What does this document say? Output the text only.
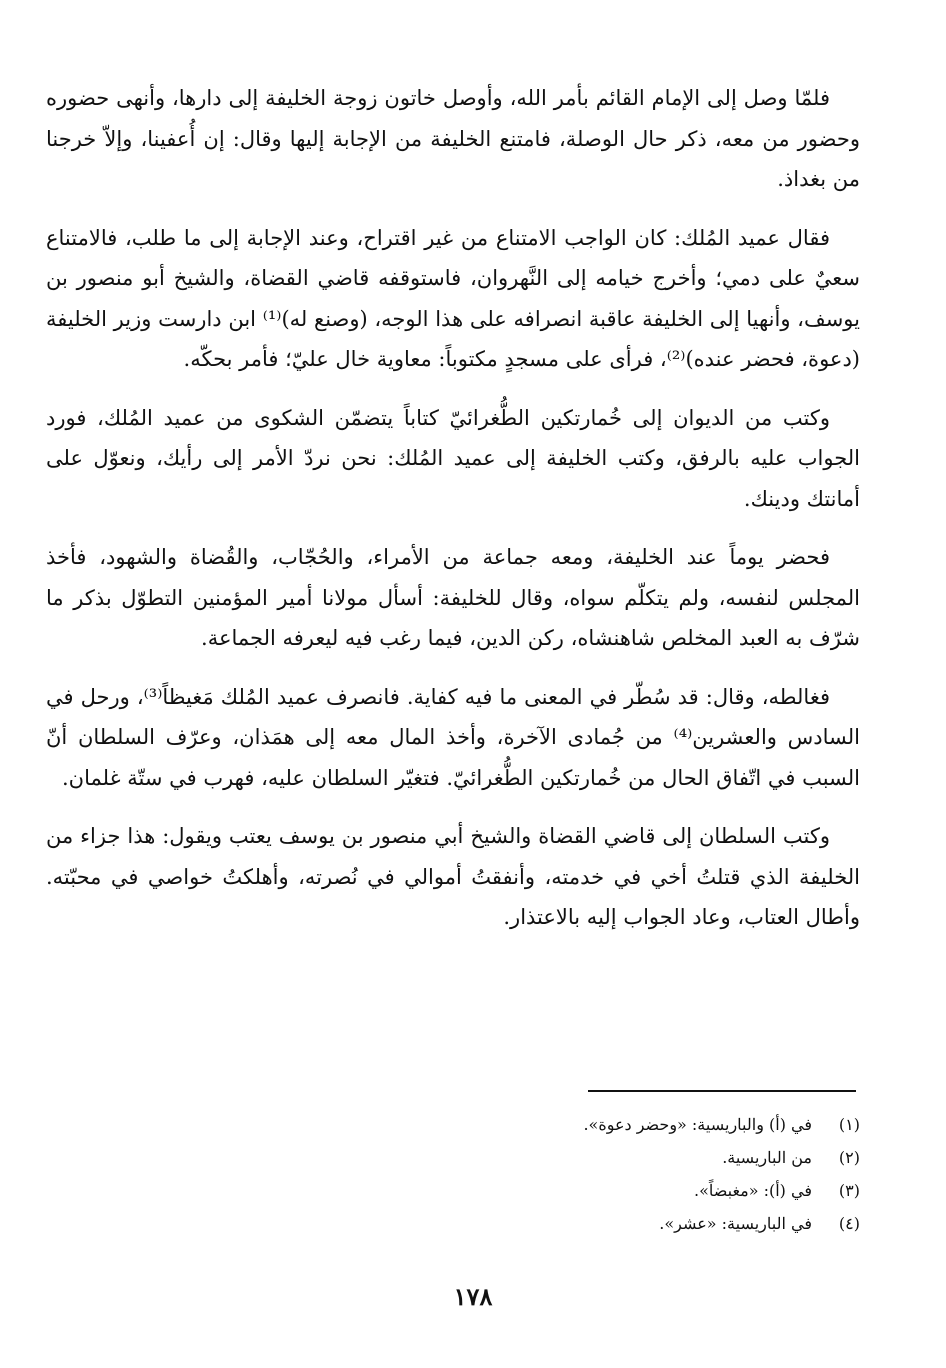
فلمّا وصل إلى الإمام القائم بأمر الله، وأوصل خاتون زوجة الخليفة إلى دارها، وأنهى حضوره وحضور من معه، ذكر حال الوصلة، فامتنع الخليفة من الإجابة إليها وقال: إن أُعفينا، وإلاّ خرجنا من بغداذ.

فقال عميد المُلك: كان الواجب الامتناع من غير اقتراح، وعند الإجابة إلى ما طلب، فالامتناع سعيٌ على دمي؛ وأخرج خيامه إلى النَّهروان، فاستوقفه قاضي القضاة، والشيخ أبو منصور بن يوسف، وأنهيا إلى الخليفة عاقبة انصرافه على هذا الوجه، (وصنع له)⁽¹⁾ ابن دارست وزير الخليفة (دعوة، فحضر عنده)⁽²⁾، فرأى على مسجدٍ مكتوباً: معاوية خال عليّ؛ فأمر بحكّه.

وكتب من الديوان إلى خُمارتكين الطُّغرائيّ كتاباً يتضمّن الشكوى من عميد المُلك، فورد الجواب عليه بالرفق، وكتب الخليفة إلى عميد المُلك: نحن نردّ الأمر إلى رأيك، ونعوّل على أمانتك ودينك.

فحضر يوماً عند الخليفة، ومعه جماعة من الأمراء، والحُجّاب، والقُضاة والشهود، فأخذ المجلس لنفسه، ولم يتكلّم سواه، وقال للخليفة: أسأل مولانا أمير المؤمنين التطوّل بذكر ما شرّف به العبد المخلص شاهنشاه، ركن الدين، فيما رغب فيه ليعرفه الجماعة.

فغالطه، وقال: قد سُطّر في المعنى ما فيه كفاية. فانصرف عميد المُلك مَغيظاً⁽³⁾، ورحل في السادس والعشرين⁽⁴⁾ من جُمادى الآخرة، وأخذ المال معه إلى همَذان، وعرّف السلطان أنّ السبب في اتّفاق الحال من خُمارتكين الطُّغرائيّ. فتغيّر السلطان عليه، فهرب في ستّة غلمان.

وكتب السلطان إلى قاضي القضاة والشيخ أبي منصور بن يوسف يعتب ويقول: هذا جزاء من الخليفة الذي قتلتُ أخي في خدمته، وأنفقتُ أموالي في نُصرته، وأهلكتُ خواصي في محبّته. وأطال العتاب، وعاد الجواب إليه بالاعتذار.

(١)
في (أ) والباريسية: «وحضر دعوة».
(٢)
من الباريسية.
(٣)
في (أ): «مغبضاً».
(٤)
في الباريسية: «عشر».
١٧٨
